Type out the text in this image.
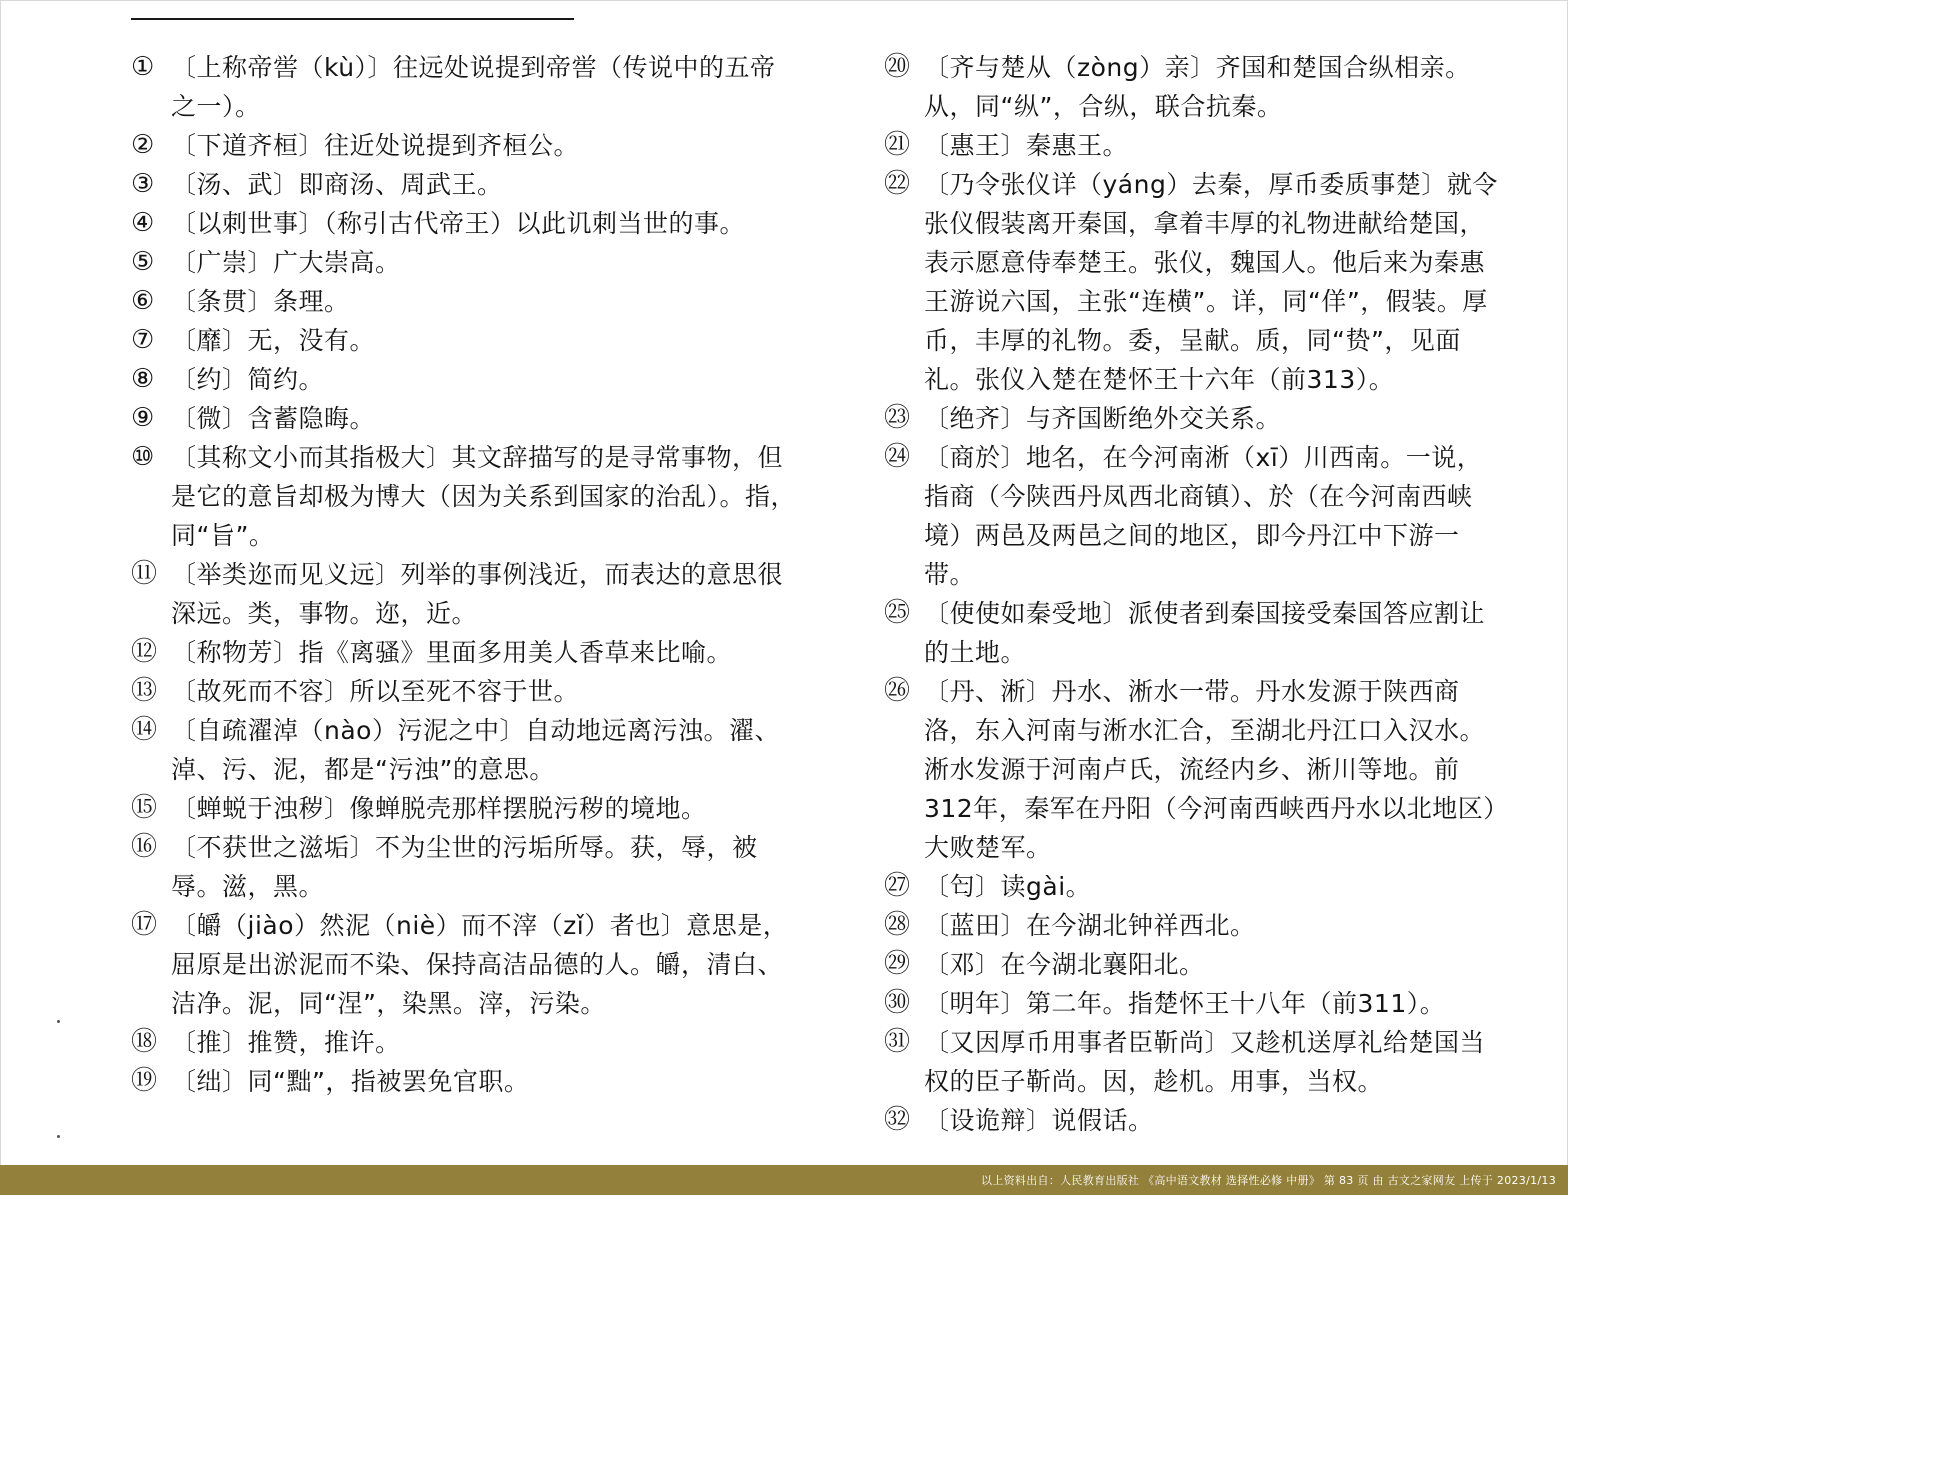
① 〔上称帝喾（kù）〕往远处说提到帝喾（传说中的五帝之一）。
② 〔下道齐桓〕往近处说提到齐桓公。
③ 〔汤、武〕即商汤、周武王。
④ 〔以刺世事〕（称引古代帝王）以此讥刺当世的事。
⑤ 〔广崇〕广大崇高。
⑥ 〔条贯〕条理。
⑦ 〔靡〕无，没有。
⑧ 〔约〕简约。
⑨ 〔微〕含蓄隐晦。
⑩ 〔其称文小而其指极大〕其文辞描写的是寻常事物，但是它的意旨却极为博大（因为关系到国家的治乱）。指，同“旨”。
⑪ 〔举类迩而见义远〕列举的事例浅近，而表达的意思很深远。类，事物。迩，近。
⑫ 〔称物芳〕指《离骚》里面多用美人香草来比喻。
⑬ 〔故死而不容〕所以至死不容于世。
⑭ 〔自疏濯淖（nào）污泥之中〕自动地远离污浊。濯、淖、污、泥，都是“污浊”的意思。
⑮ 〔蝉蜕于浊秽〕像蝉脱壳那样摆脱污秽的境地。
⑯ 〔不获世之滋垢〕不为尘世的污垢所辱。获，辱，被辱。滋，黑。
⑰ 〔皭（jiào）然泥（niè）而不滓（zǐ）者也〕意思是，屈原是出淤泥而不染、保持高洁品德的人。皭，清白、洁净。泥，同“涅”，染黑。滓，污染。
⑱ 〔推〕推赞，推许。
⑲ 〔绌〕同“黜”，指被罢免官职。
⑳ 〔齐与楚从（zòng）亲〕齐国和楚国合纵相亲。从，同“纵”，合纵，联合抗秦。
㉑ 〔惠王〕秦惠王。
㉒ 〔乃令张仪详（yáng）去秦，厚币委质事楚〕就令张仪假装离开秦国，拿着丰厚的礼物进献给楚国，表示愿意侍奉楚王。张仪，魏国人。他后来为秦惠王游说六国，主张“连横”。详，同“佯”，假装。厚币，丰厚的礼物。委，呈献。质，同“贽”，见面礼。张仪入楚在楚怀王十六年（前313）。
㉓ 〔绝齐〕与齐国断绝外交关系。
㉔ 〔商於〕地名，在今河南淅（xī）川西南。一说，指商（今陕西丹凤西北商镇）、於（在今河南西峡境）两邑及两邑之间的地区，即今丹江中下游一带。
㉕ 〔使使如秦受地〕派使者到秦国接受秦国答应割让的土地。
㉖ 〔丹、淅〕丹水、淅水一带。丹水发源于陕西商洛，东入河南与淅水汇合，至湖北丹江口入汉水。淅水发源于河南卢氏，流经内乡、淅川等地。前312年，秦军在丹阳（今河南西峡西丹水以北地区）大败楚军。
㉗ 〔匄〕读gài。
㉘ 〔蓝田〕在今湖北钟祥西北。
㉙ 〔邓〕在今湖北襄阳北。
㉚ 〔明年〕第二年。指楚怀王十八年（前311）。
㉛ 〔又因厚币用事者臣靳尚〕又趁机送厚礼给楚国当权的臣子靳尚。因，趁机。用事，当权。
㉜ 〔设诡辩〕说假话。
以上资料出自：人民教育出版社 《高中语文教材 选择性必修 中册》 第 83 页 由 古文之家网友 上传于 2023/1/13
